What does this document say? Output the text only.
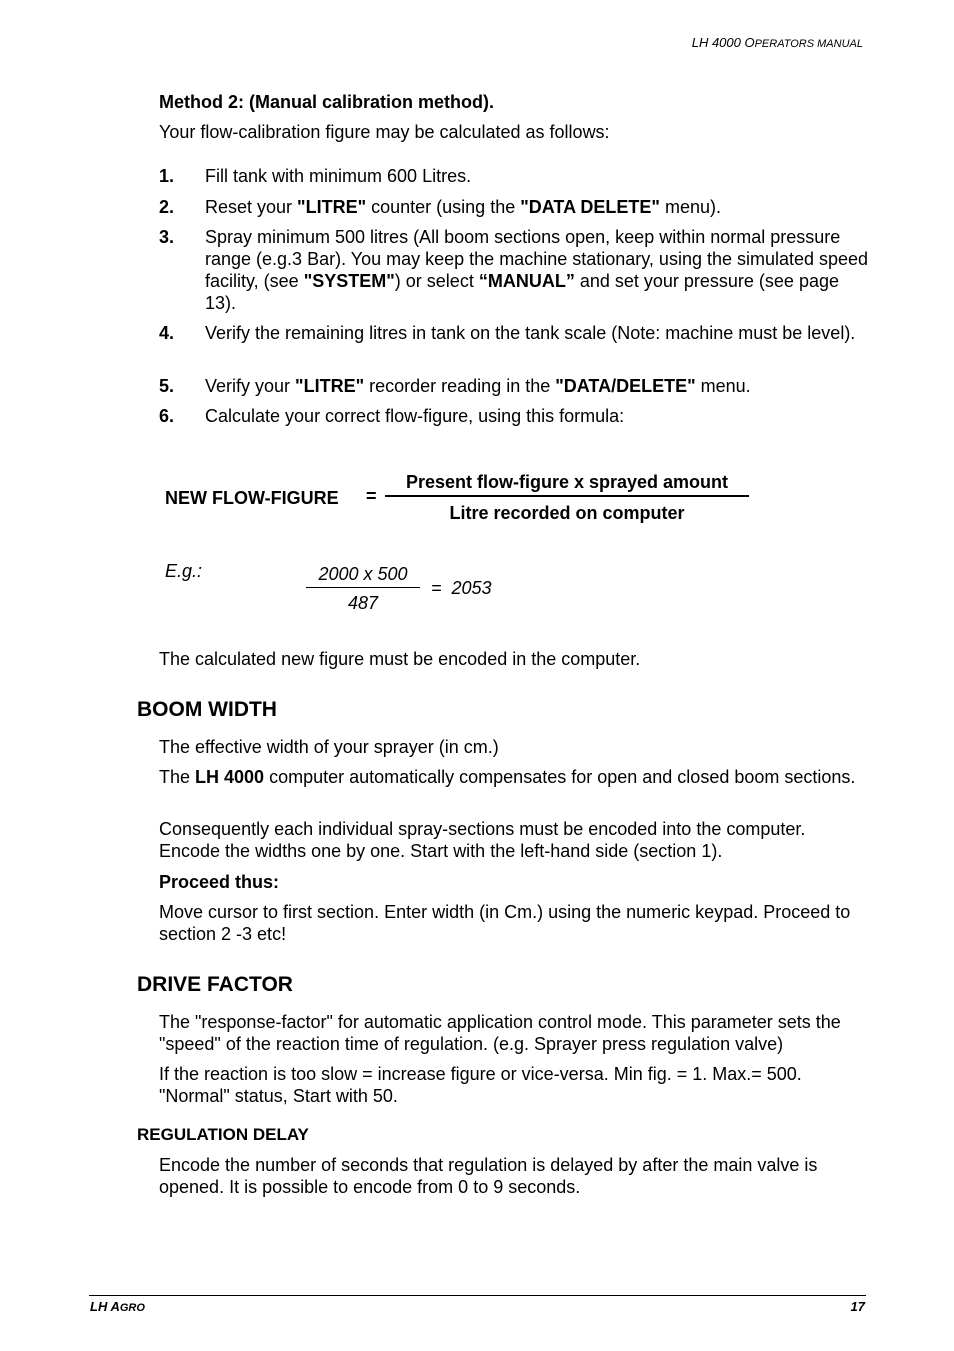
LH 4000 OPERATORS MANUAL
Method 2: (Manual calibration method).
Your flow-calibration figure may be calculated as follows:
1. Fill tank with minimum 600 Litres.
2. Reset your "LITRE" counter (using the "DATA DELETE" menu).
3. Spray minimum 500 litres (All boom sections open, keep within normal pressure range (e.g.3 Bar). You may keep the machine stationary, using the simulated speed facility, (see "SYSTEM") or select “MANUAL” and set your pressure (see page 13).
4. Verify the remaining litres in tank on the tank scale (Note: machine must be level).
5. Verify your "LITRE" recorder reading in the "DATA/DELETE" menu.
6. Calculate your correct flow-figure, using this formula:
NEW FLOW-FIGURE =
Present flow-figure x sprayed amount
Litre recorded on computer
E.g.:	2000 x 500
487
=  2053
The calculated new figure must be encoded in the computer.
BOOM WIDTH
The effective width of your sprayer (in cm.)
The LH 4000 computer automatically compensates for open and closed boom sections.
Consequently each individual spray-sections must be encoded into the computer. Encode the widths one by one. Start with the left-hand side (section 1).
Proceed thus:
Move cursor to first section. Enter width (in Cm.) using the numeric keypad. Proceed to section 2 -3 etc!
DRIVE FACTOR
The "response-factor" for automatic application control mode. This parameter sets the "speed" of the reaction time of regulation. (e.g. Sprayer press regulation valve)
If the reaction is too slow = increase figure or vice-versa. Min fig. = 1. Max.= 500. "Normal" status, Start with 50.
REGULATION DELAY
Encode the number of seconds that regulation is delayed by after the main valve is opened. It is possible to encode from 0 to 9 seconds.
LH AGRO	17
